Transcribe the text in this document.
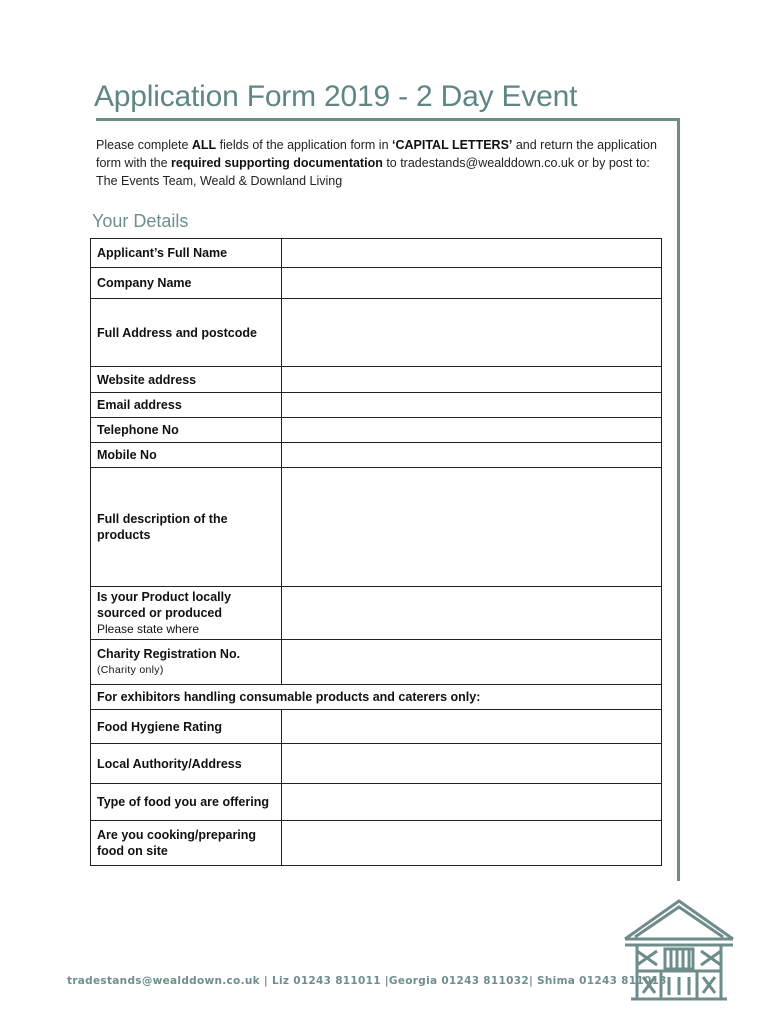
Application Form 2019 - 2 Day Event
Please complete ALL fields of the application form in ‘CAPITAL LETTERS’ and return the application form with the required supporting documentation to tradestands@wealddown.co.uk or by post to: The Events Team, Weald & Downland Living
Your Details
Applicant’s Full Name	

Company Name	

Full Address and postcode	

Website address	

Email address	

Telephone No	

Mobile No	

Full description of the products	

Is your Product locally sourced or produced
Please state where

Charity Registration No.
(Charity only)

For exhibitors handling consumable products and caterers only:	
Food Hygiene Rating	

Local Authority/Address	

Type of food you are offering	

Are you cooking/preparing food on site	
tradestands@wealddown.co.uk | Liz 01243 811011 |Georgia 01243 811032| Shima 01243 811013
